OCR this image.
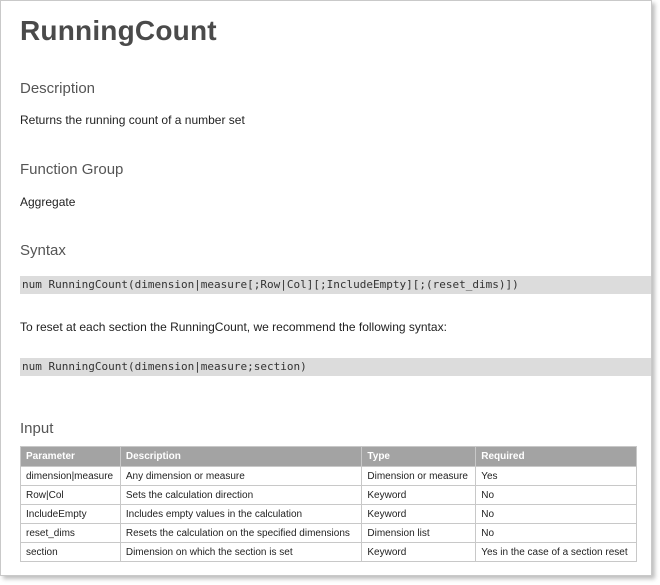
RunningCount
Description

Returns the running count of a number set

Function Group

Aggregate

Syntax
num RunningCount(dimension|measure[;Row|Col][;IncludeEmpty][;(reset_dims)])

To reset at each section the RunningCount, we recommend the following syntax:

num RunningCount(dimension|measure;section)
Input
Parameter	Description	Type	Required
dimension|measure	Any dimension or measure	Dimension or measure	Yes
Row|Col	Sets the calculation direction	Keyword	No
IncludeEmpty	Includes empty values in the calculation	Keyword	No
reset_dims	Resets the calculation on the specified dimensions	Dimension list	No
section	Dimension on which the section is set	Keyword	Yes in the case of a section reset
